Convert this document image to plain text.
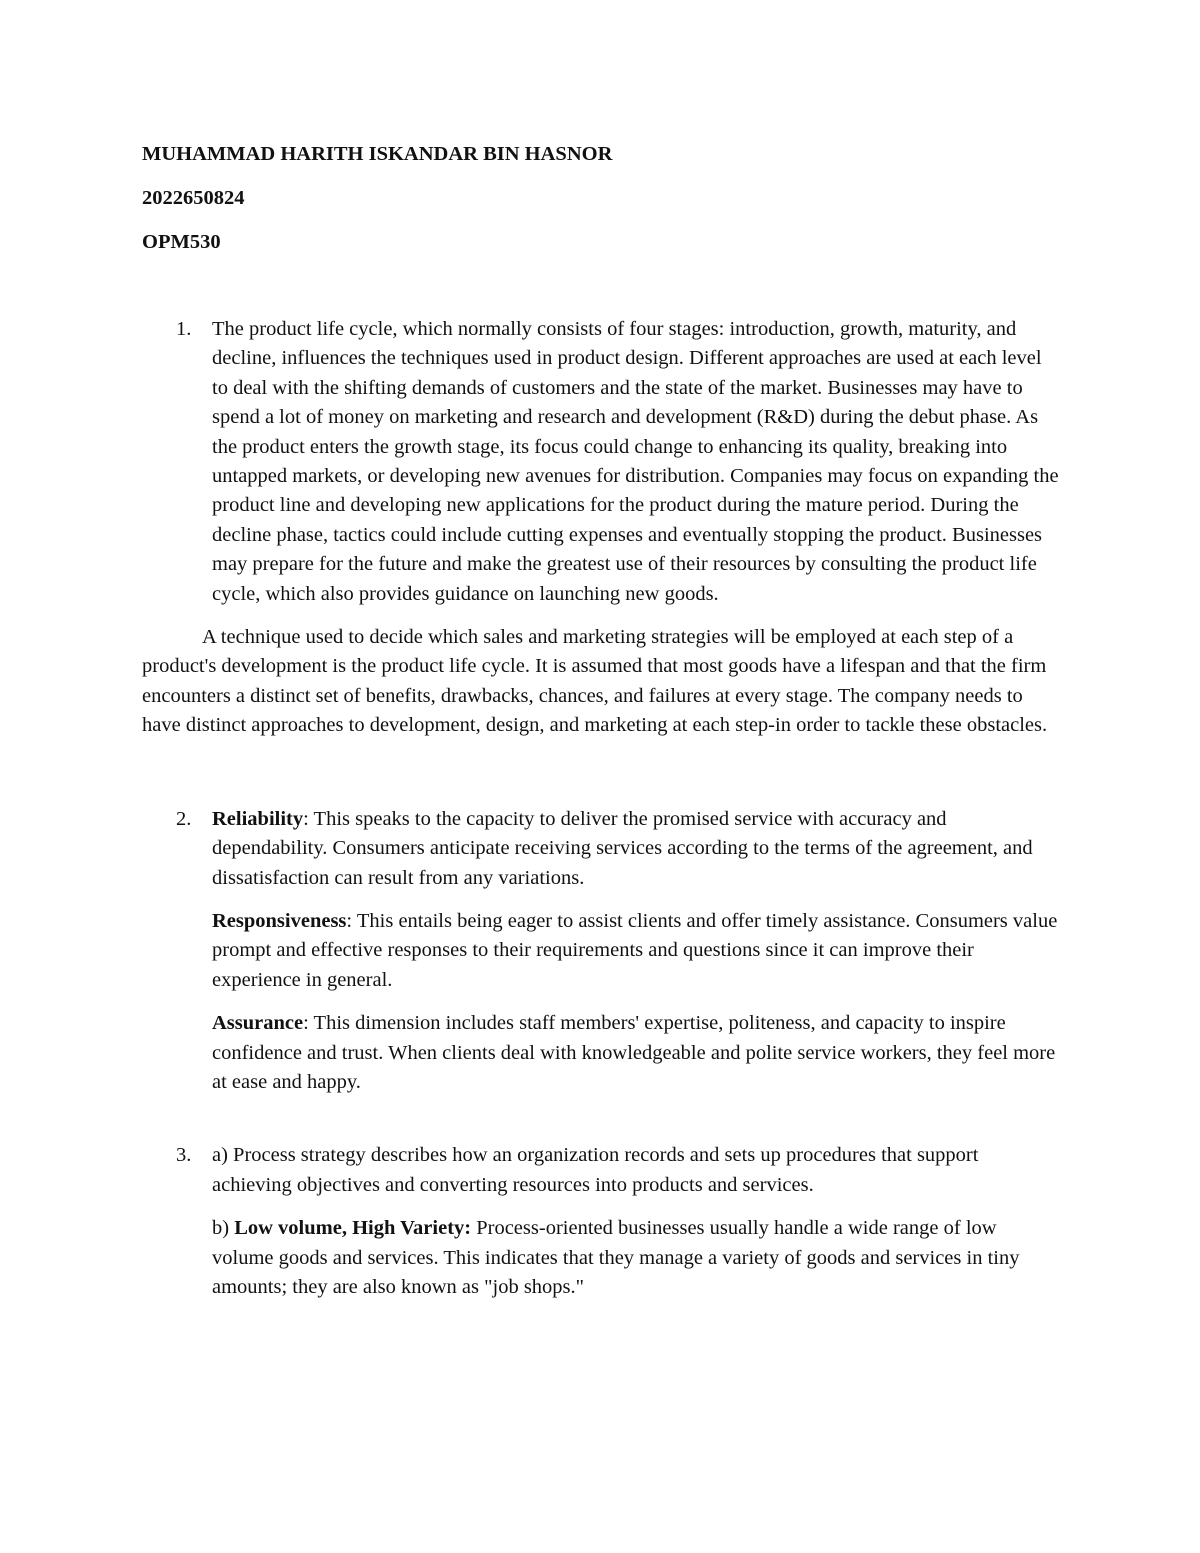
MUHAMMAD HARITH ISKANDAR BIN HASNOR

2022650824

OPM530

1. The product life cycle, which normally consists of four stages: introduction, growth, maturity, and decline, influences the techniques used in product design. Different approaches are used at each level to deal with the shifting demands of customers and the state of the market. Businesses may have to spend a lot of money on marketing and research and development (R&D) during the debut phase. As the product enters the growth stage, its focus could change to enhancing its quality, breaking into untapped markets, or developing new avenues for distribution. Companies may focus on expanding the product line and developing new applications for the product during the mature period. During the decline phase, tactics could include cutting expenses and eventually stopping the product. Businesses may prepare for the future and make the greatest use of their resources by consulting the product life cycle, which also provides guidance on launching new goods.

A technique used to decide which sales and marketing strategies will be employed at each step of a product's development is the product life cycle. It is assumed that most goods have a lifespan and that the firm encounters a distinct set of benefits, drawbacks, chances, and failures at every stage. The company needs to have distinct approaches to development, design, and marketing at each step-in order to tackle these obstacles.

2. Reliability: This speaks to the capacity to deliver the promised service with accuracy and dependability. Consumers anticipate receiving services according to the terms of the agreement, and dissatisfaction can result from any variations.

Responsiveness: This entails being eager to assist clients and offer timely assistance. Consumers value prompt and effective responses to their requirements and questions since it can improve their experience in general.

Assurance: This dimension includes staff members' expertise, politeness, and capacity to inspire confidence and trust. When clients deal with knowledgeable and polite service workers, they feel more at ease and happy.

3. a) Process strategy describes how an organization records and sets up procedures that support achieving objectives and converting resources into products and services.

b) Low volume, High Variety: Process-oriented businesses usually handle a wide range of low volume goods and services. This indicates that they manage a variety of goods and services in tiny amounts; they are also known as "job shops."
